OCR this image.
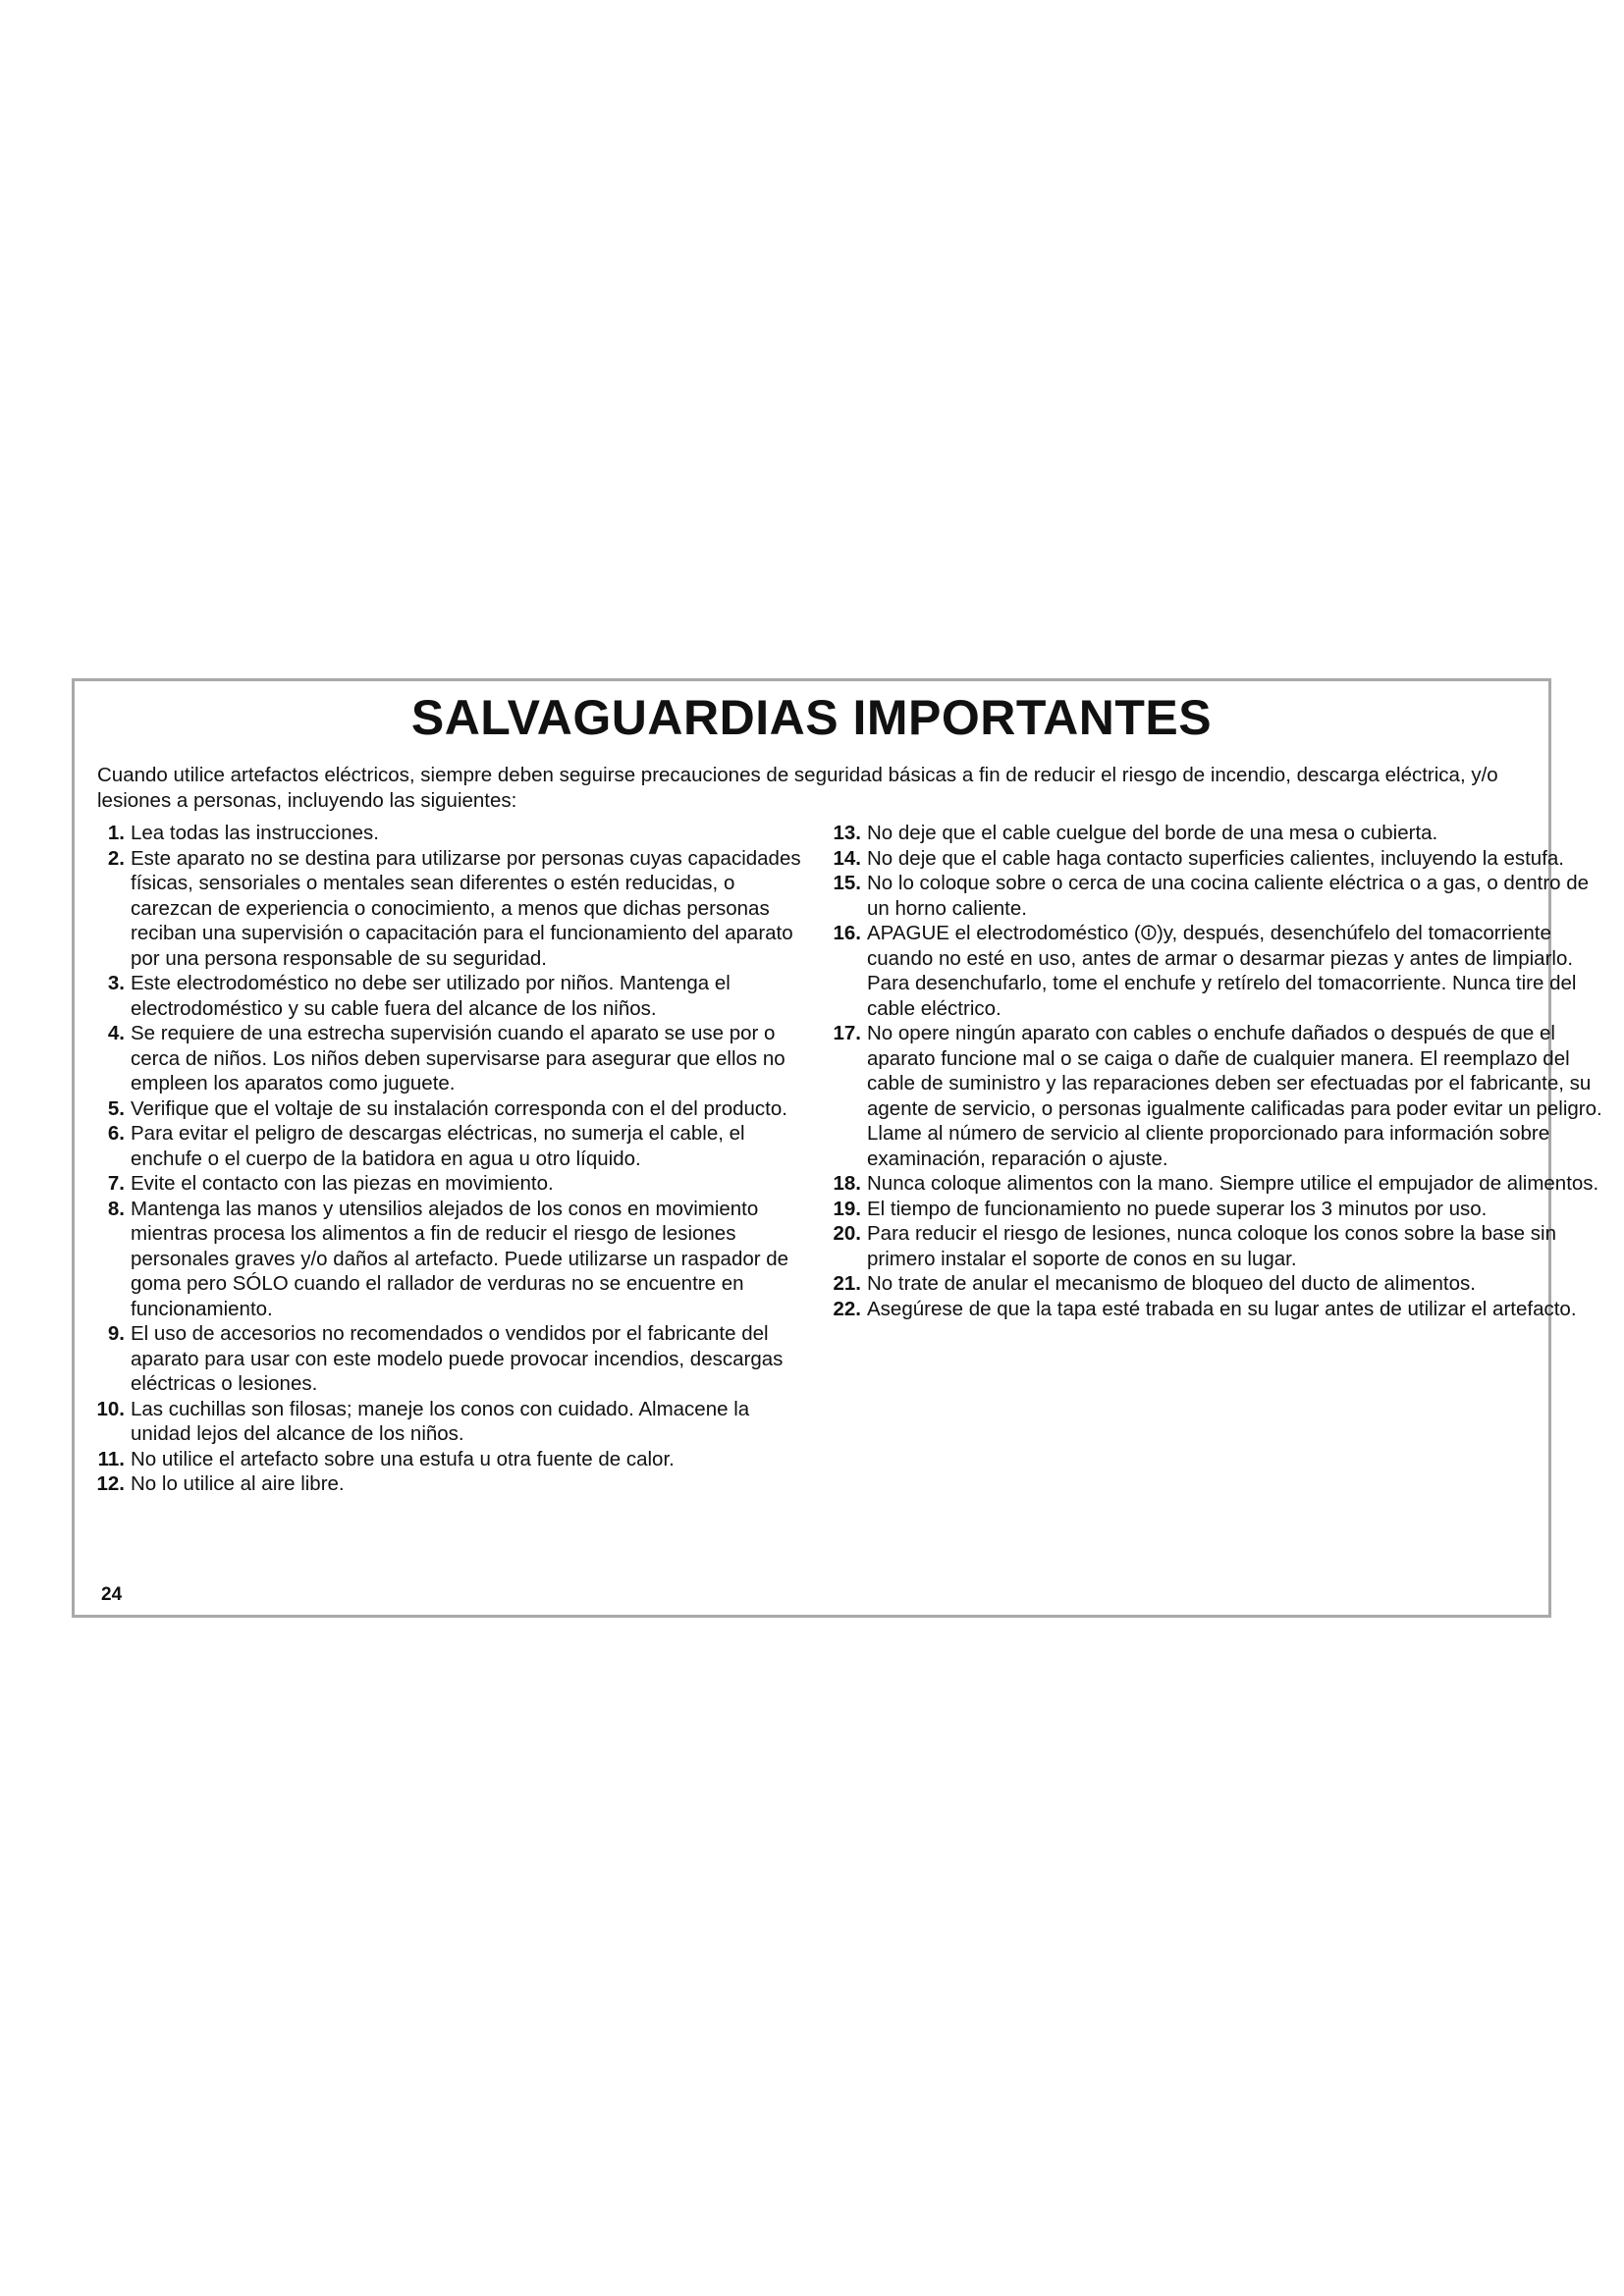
SALVAGUARDIAS IMPORTANTES

Cuando utilice artefactos eléctricos, siempre deben seguirse precauciones de seguridad básicas a fin de reducir el riesgo de incendio, descarga eléctrica, y/o lesiones a personas, incluyendo las siguientes:

1. Lea todas las instrucciones.
2. Este aparato no se destina para utilizarse por personas cuyas capacidades físicas, sensoriales o mentales sean diferentes o estén reducidas, o carezcan de experiencia o conocimiento, a menos que dichas personas reciban una supervisión o capacitación para el funcionamiento del aparato por una persona responsable de su seguridad.
3. Este electrodoméstico no debe ser utilizado por niños. Mantenga el electrodoméstico y su cable fuera del alcance de los niños.
4. Se requiere de una estrecha supervisión cuando el aparato se use por o cerca de niños. Los niños deben supervisarse para asegurar que ellos no empleen los aparatos como juguete.
5. Verifique que el voltaje de su instalación corresponda con el del producto.
6. Para evitar el peligro de descargas eléctricas, no sumerja el cable, el enchufe o el cuerpo de la batidora en agua u otro líquido.
7. Evite el contacto con las piezas en movimiento.
8. Mantenga las manos y utensilios alejados de los conos en movimiento mientras procesa los alimentos a fin de reducir el riesgo de lesiones personales graves y/o daños al artefacto. Puede utilizarse un raspador de goma pero SÓLO cuando el rallador de verduras no se encuentre en funcionamiento.
9. El uso de accesorios no recomendados o vendidos por el fabricante del aparato para usar con este modelo puede provocar incendios, descargas eléctricas o lesiones.
10. Las cuchillas son filosas; maneje los conos con cuidado. Almacene la unidad lejos del alcance de los niños.
11. No utilice el artefacto sobre una estufa u otra fuente de calor.
12. No lo utilice al aire libre.
13. No deje que el cable cuelgue del borde de una mesa o cubierta.
14. No deje que el cable haga contacto superficies calientes, incluyendo la estufa.
15. No lo coloque sobre o cerca de una cocina caliente eléctrica o a gas, o dentro de un horno caliente.
16. APAGUE el electrodoméstico (⏼)y, después, desenchúfelo del tomacorriente cuando no esté en uso, antes de armar o desarmar piezas y antes de limpiarlo. Para desenchufarlo, tome el enchufe y retírelo del tomacorriente. Nunca tire del cable eléctrico.
17. No opere ningún aparato con cables o enchufe dañados o después de que el aparato funcione mal o se caiga o dañe de cualquier manera. El reemplazo del cable de suministro y las reparaciones deben ser efectuadas por el fabricante, su agente de servicio, o personas igualmente calificadas para poder evitar un peligro. Llame al número de servicio al cliente proporcionado para información sobre examinación, reparación o ajuste.
18. Nunca coloque alimentos con la mano. Siempre utilice el empujador de alimentos.
19. El tiempo de funcionamiento no puede superar los 3 minutos por uso.
20. Para reducir el riesgo de lesiones, nunca coloque los conos sobre la base sin primero instalar el soporte de conos en su lugar.
21. No trate de anular el mecanismo de bloqueo del ducto de alimentos.
22. Asegúrese de que la tapa esté trabada en su lugar antes de utilizar el artefacto.
24
